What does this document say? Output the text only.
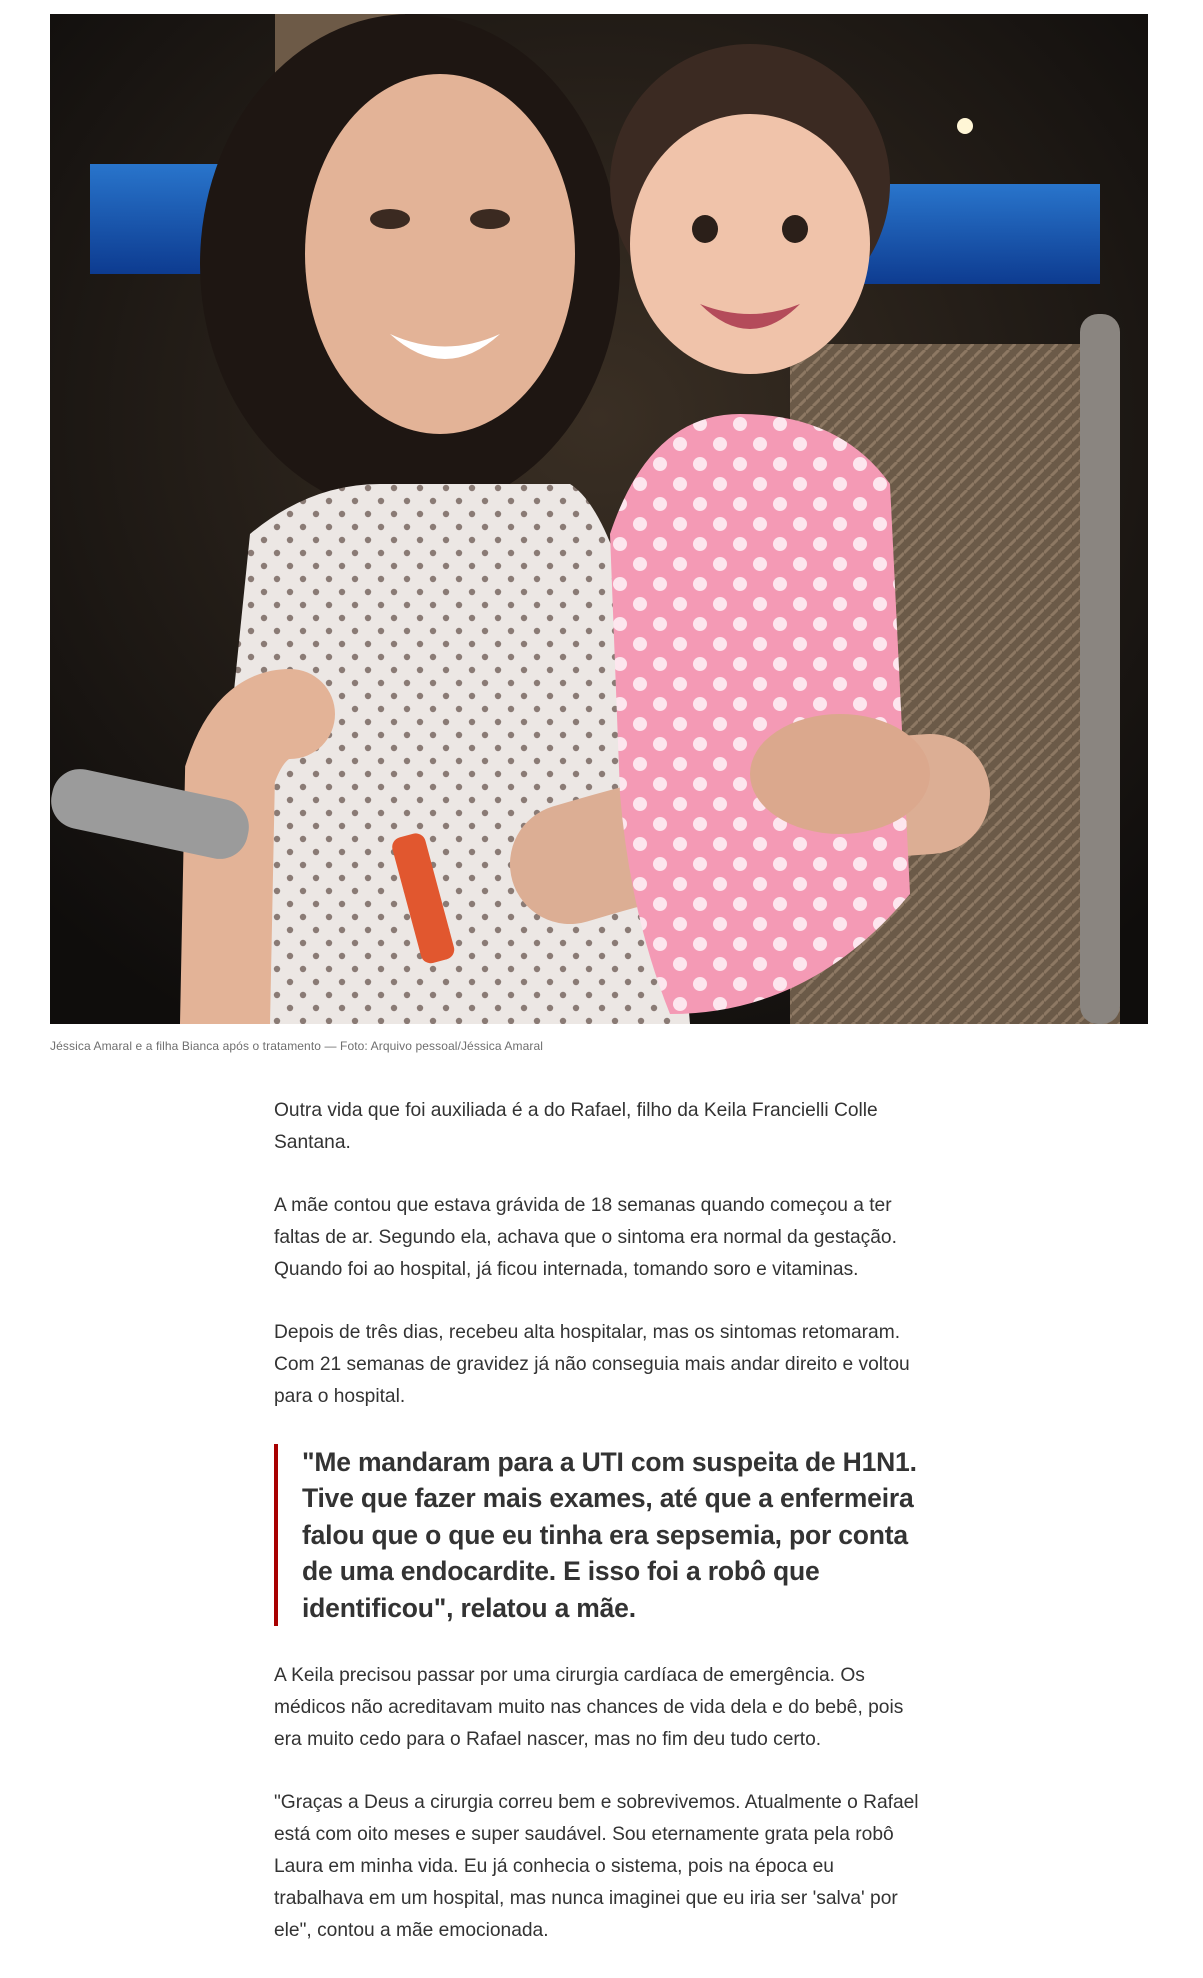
Jéssica Amaral e a filha Bianca após o tratamento — Foto: Arquivo pessoal/Jéssica Amaral

Outra vida que foi auxiliada é a do Rafael, filho da Keila Francielli Colle Santana.

A mãe contou que estava grávida de 18 semanas quando começou a ter faltas de ar. Segundo ela, achava que o sintoma era normal da gestação. Quando foi ao hospital, já ficou internada, tomando soro e vitaminas.

Depois de três dias, recebeu alta hospitalar, mas os sintomas retomaram. Com 21 semanas de gravidez já não conseguia mais andar direito e voltou para o hospital.

"Me mandaram para a UTI com suspeita de H1N1. Tive que fazer mais exames, até que a enfermeira falou que o que eu tinha era sepsemia, por conta de uma endocardite. E isso foi a robô que identificou", relatou a mãe.

A Keila precisou passar por uma cirurgia cardíaca de emergência. Os médicos não acreditavam muito nas chances de vida dela e do bebê, pois era muito cedo para o Rafael nascer, mas no fim deu tudo certo.

"Graças a Deus a cirurgia correu bem e sobrevivemos. Atualmente o Rafael está com oito meses e super saudável. Sou eternamente grata pela robô Laura em minha vida. Eu já conhecia o sistema, pois na época eu trabalhava em um hospital, mas nunca imaginei que eu iria ser 'salva' por ele", contou a mãe emocionada.
